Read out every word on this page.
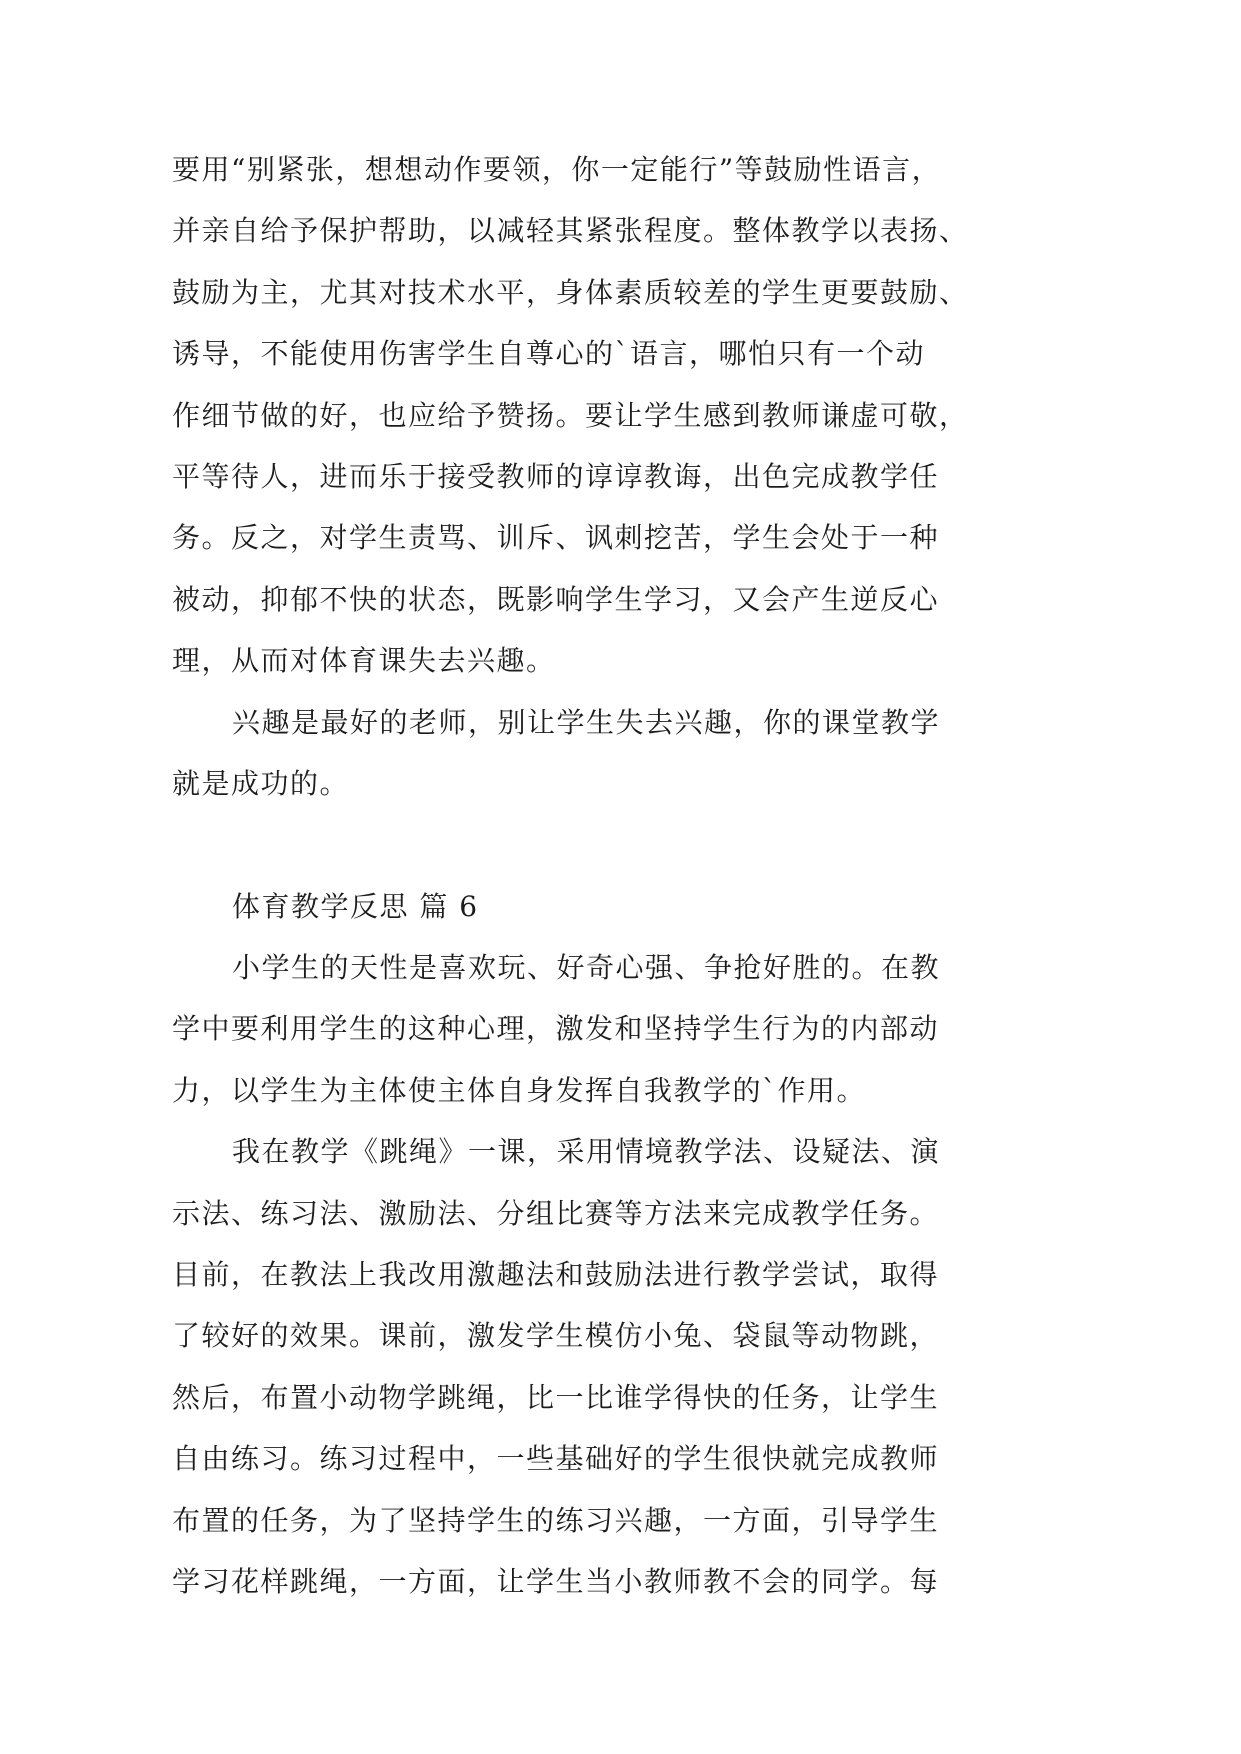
要用“别紧张，想想动作要领，你一定能行”等鼓励性语言，
并亲自给予保护帮助，以减轻其紧张程度。整体教学以表扬、
鼓励为主，尤其对技术水平，身体素质较差的学生更要鼓励、
诱导，不能使用伤害学生自尊心的`语言，哪怕只有一个动
作细节做的好，也应给予赞扬。要让学生感到教师谦虚可敬，
平等待人，进而乐于接受教师的谆谆教诲，出色完成教学任
务。反之，对学生责骂、训斥、讽刺挖苦，学生会处于一种
被动，抑郁不快的状态，既影响学生学习，又会产生逆反心
理，从而对体育课失去兴趣。
兴趣是最好的老师，别让学生失去兴趣，你的课堂教学
就是成功的。
体育教学反思 篇 6
小学生的天性是喜欢玩、好奇心强、争抢好胜的。在教
学中要利用学生的这种心理，激发和坚持学生行为的内部动
力，以学生为主体使主体自身发挥自我教学的`作用。
我在教学《跳绳》一课，采用情境教学法、设疑法、演
示法、练习法、激励法、分组比赛等方法来完成教学任务。
目前，在教法上我改用激趣法和鼓励法进行教学尝试，取得
了较好的效果。课前，激发学生模仿小兔、袋鼠等动物跳，
然后，布置小动物学跳绳，比一比谁学得快的任务，让学生
自由练习。练习过程中，一些基础好的学生很快就完成教师
布置的任务，为了坚持学生的练习兴趣，一方面，引导学生
学习花样跳绳，一方面，让学生当小教师教不会的同学。每
